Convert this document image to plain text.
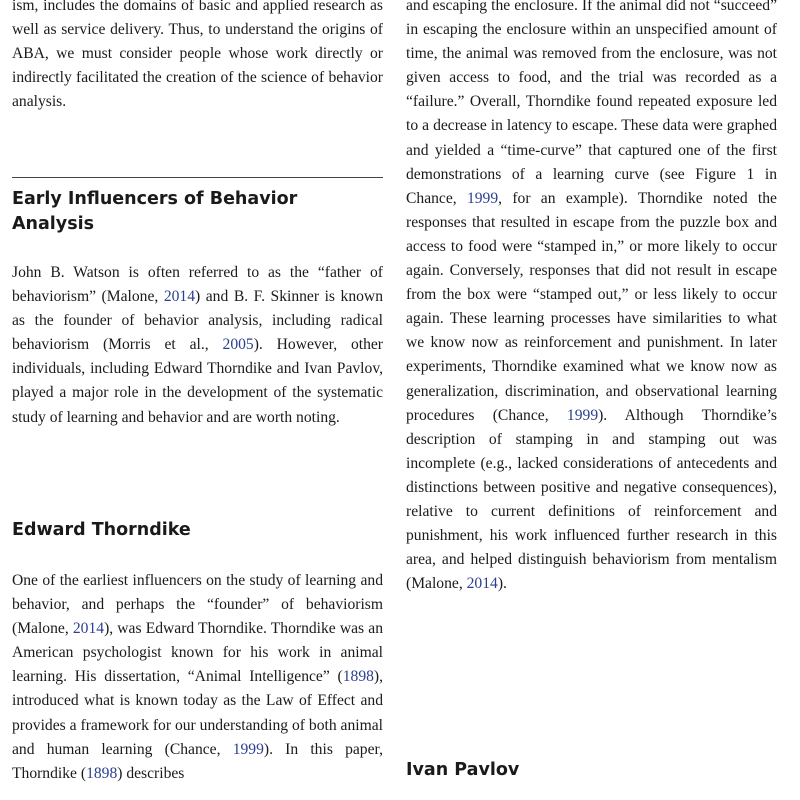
ism, includes the domains of basic and applied research as well as service delivery. Thus, to understand the origins of ABA, we must consider people whose work directly or indirectly facilitated the creation of the science of behavior analysis.

Early Influencers of Behavior Analysis

John B. Watson is often referred to as the “father of behaviorism” (Malone, 2014) and B. F. Skinner is known as the founder of behavior analysis, including radical behaviorism (Morris et al., 2005). However, other individuals, including Edward Thorndike and Ivan Pavlov, played a major role in the development of the systematic study of learning and behavior and are worth noting.

Edward Thorndike

One of the earliest influencers on the study of learning and behavior, and perhaps the “founder” of behaviorism (Malone, 2014), was Edward Thorndike. Thorndike was an American psychologist known for his work in animal learning. His dissertation, “Animal Intelligence” (1898), introduced what is known today as the Law of Effect and provides a framework for our understanding of both animal and human learning (Chance, 1999). In this paper, Thorndike (1898) describes

and escaping the enclosure. If the animal did not “succeed” in escaping the enclosure within an unspecified amount of time, the animal was removed from the enclosure, was not given access to food, and the trial was recorded as a “failure.” Overall, Thorndike found repeated exposure led to a decrease in latency to escape. These data were graphed and yielded a “time-curve” that captured one of the first demonstrations of a learning curve (see Figure 1 in Chance, 1999, for an example). Thorndike noted the responses that resulted in escape from the puzzle box and access to food were “stamped in,” or more likely to occur again. Conversely, responses that did not result in escape from the box were “stamped out,” or less likely to occur again. These learning processes have similarities to what we know now as reinforcement and punishment. In later experiments, Thorndike examined what we know now as generalization, discrimination, and observational learning procedures (Chance, 1999). Although Thorndike’s description of stamping in and stamping out was incomplete (e.g., lacked considerations of antecedents and distinctions between positive and negative consequences), relative to current definitions of reinforcement and punishment, his work influenced further research in this area, and helped distinguish behaviorism from mentalism (Malone, 2014).

Ivan Pavlov
